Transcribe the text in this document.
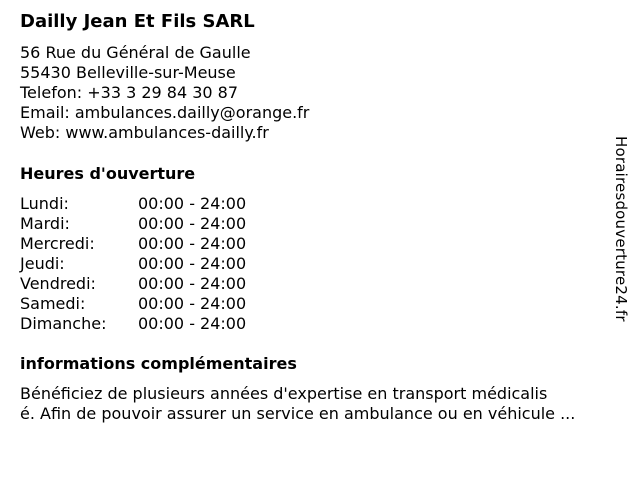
Dailly Jean Et Fils SARL
56 Rue du Général de Gaulle
55430 Belleville-sur-Meuse
Telefon: +33 3 29 84 30 87
Email: ambulances.dailly@orange.fr
Web: www.ambulances-dailly.fr
Heures d'ouverture
Lundi:	00:00 - 24:00
Mardi:	00:00 - 24:00
Mercredi:	00:00 - 24:00
Jeudi:	00:00 - 24:00
Vendredi:	00:00 - 24:00
Samedi:	00:00 - 24:00
Dimanche:	00:00 - 24:00
informations complémentaires
Bénéficiez de plusieurs années d'expertise en transport médicalis
é. Afin de pouvoir assurer un service en ambulance ou en véhicule ...
Horairesdouverture24.fr
